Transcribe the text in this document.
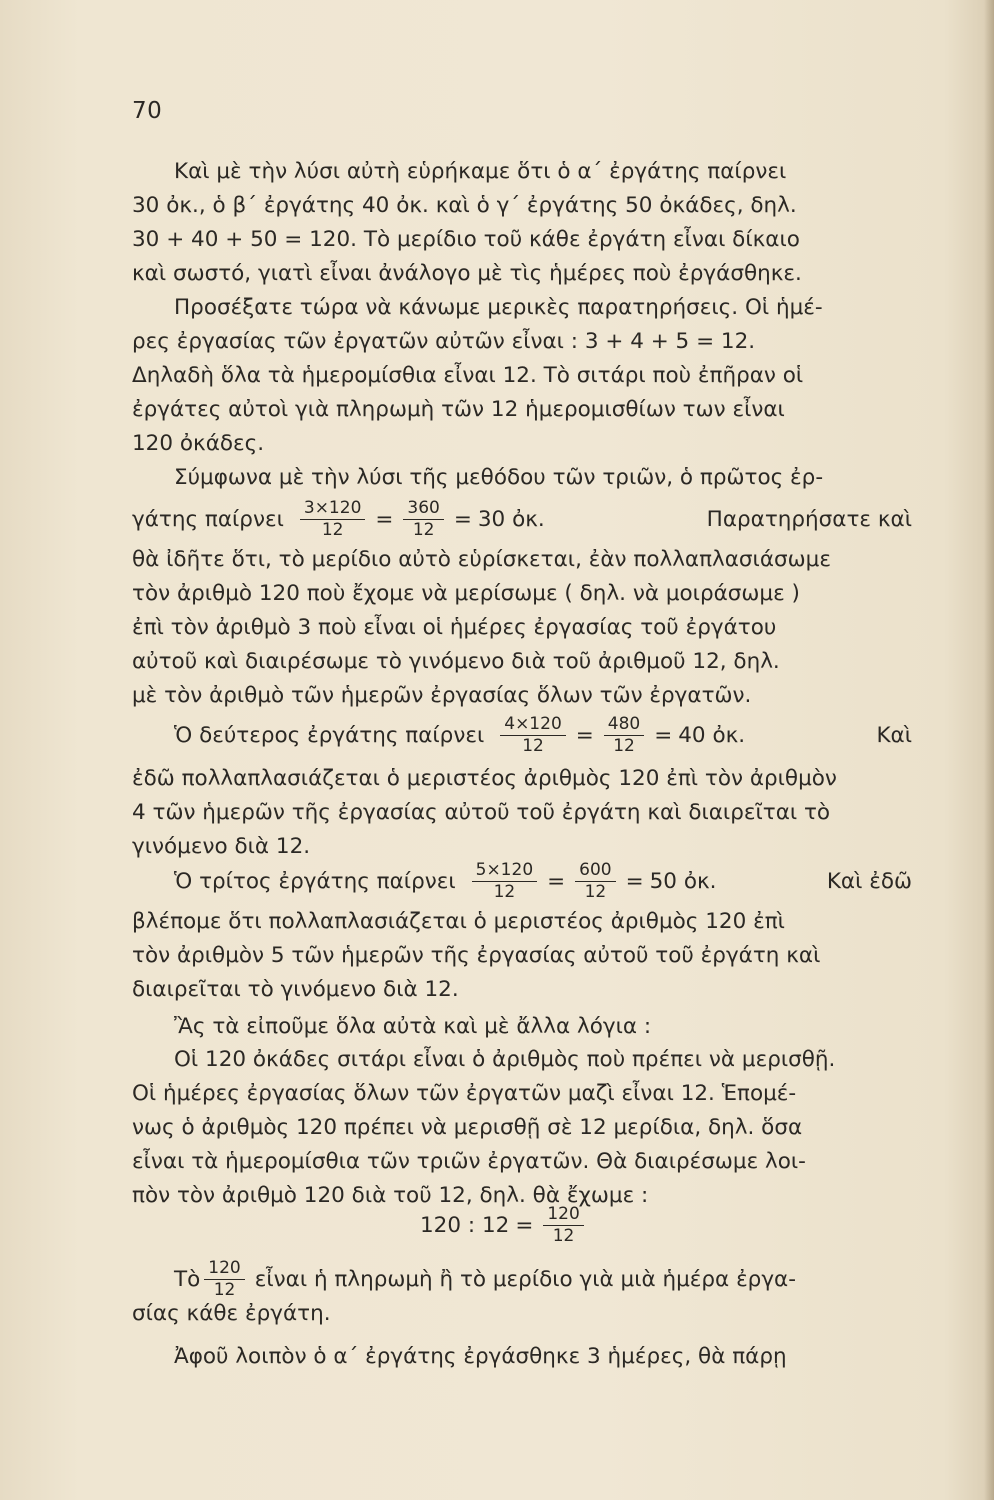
70
Καὶ μὲ τὴν λύσι αὐτὴ εὑρήκαμε ὅτι ὁ α΄ ἐργάτης παίρνει
30 ὀκ., ὁ β΄ ἐργάτης 40 ὀκ. καὶ ὁ γ΄ ἐργάτης 50 ὀκάδες, δηλ.
30 + 40 + 50 = 120. Τὸ μερίδιο τοῦ κάθε ἐργάτη εἶναι δίκαιο
καὶ σωστό, γιατὶ εἶναι ἀνάλογο μὲ τὶς ἡμέρες ποὺ ἐργάσθηκε.
Προσέξατε τώρα νὰ κάνωμε μερικὲς παρατηρήσεις. Οἱ ἡμέ-
ρες ἐργασίας τῶν ἐργατῶν αὐτῶν εἶναι : 3 + 4 + 5 = 12.
Δηλαδὴ ὅλα τὰ ἡμερομίσθια εἶναι 12. Τὸ σιτάρι ποὺ ἐπῆραν οἱ
ἐργάτες αὐτοὶ γιὰ πληρωμὴ τῶν 12 ἡμερομισθίων των εἶναι
120 ὀκάδες.
Σύμφωνα μὲ τὴν λύσι τῆς μεθόδου τῶν τριῶν, ὁ πρῶτος ἐρ-
γάτης παίρνει $\frac{3\times 120}{12} = \frac{360}{12} = 30$ ὀκ.	Παρατηρήσατε καὶ
θὰ ἰδῆτε ὅτι, τὸ μερίδιο αὐτὸ εὑρίσκεται, ἐὰν πολλαπλασιάσωμε
τὸν ἀριθμὸ 120 ποὺ ἔχομε νὰ μερίσωμε ( δηλ. νὰ μοιράσωμε )
ἐπὶ τὸν ἀριθμὸ 3 ποὺ εἶναι οἱ ἡμέρες ἐργασίας τοῦ ἐργάτου
αὐτοῦ καὶ διαιρέσωμε τὸ γινόμενο διὰ τοῦ ἀριθμοῦ 12, δηλ.
μὲ τὸν ἀριθμὸ τῶν ἡμερῶν ἐργασίας ὅλων τῶν ἐργατῶν.
Ὁ δεύτερος ἐργάτης παίρνει $\frac{4\times 120}{12} = \frac{480}{12} = 40$ ὀκ.	Καὶ
ἐδῶ πολλαπλασιάζεται ὁ μεριστέος ἀριθμὸς 120 ἐπὶ τὸν ἀριθμὸν
4 τῶν ἡμερῶν τῆς ἐργασίας αὐτοῦ τοῦ ἐργάτη καὶ διαιρεῖται τὸ
γινόμενο διὰ 12.
Ὁ τρίτος ἐργάτης παίρνει $\frac{5\times 120}{12} = \frac{600}{12} = 50$ ὀκ.	Καὶ ἐδῶ
βλέπομε ὅτι πολλαπλασιάζεται ὁ μεριστέος ἀριθμὸς 120 ἐπὶ
τὸν ἀριθμὸν 5 τῶν ἡμερῶν τῆς ἐργασίας αὐτοῦ τοῦ ἐργάτη καὶ
διαιρεῖται τὸ γινόμενο διὰ 12.
Ἂς τὰ εἰποῦμε ὅλα αὐτὰ καὶ μὲ ἄλλα λόγια :
Οἱ 120 ὀκάδες σιτάρι εἶναι ὁ ἀριθμὸς ποὺ πρέπει νὰ μερισθῇ.
Οἱ ἡμέρες ἐργασίας ὅλων τῶν ἐργατῶν μαζὶ εἶναι 12. Ἑπομέ-
νως ὁ ἀριθμὸς 120 πρέπει νὰ μερισθῇ σὲ 12 μερίδια, δηλ. ὅσα
εἶναι τὰ ἡμερομίσθια τῶν τριῶν ἐργατῶν. Θὰ διαιρέσωμε λοι-
πὸν τὸν ἀριθμὸ 120 διὰ τοῦ 12, δηλ. θὰ ἔχωμε :
120 : $12 = \frac{120}{12}$
Τὸ $\frac{120}{12}$ εἶναι ἡ πληρωμὴ ἢ τὸ μερίδιο γιὰ μιὰ ἡμέρα ἐργα-
σίας κάθε ἐργάτη.
Ἀφοῦ λοιπὸν ὁ α΄ ἐργάτης ἐργάσθηκε 3 ἡμέρες, θὰ πάρῃ
